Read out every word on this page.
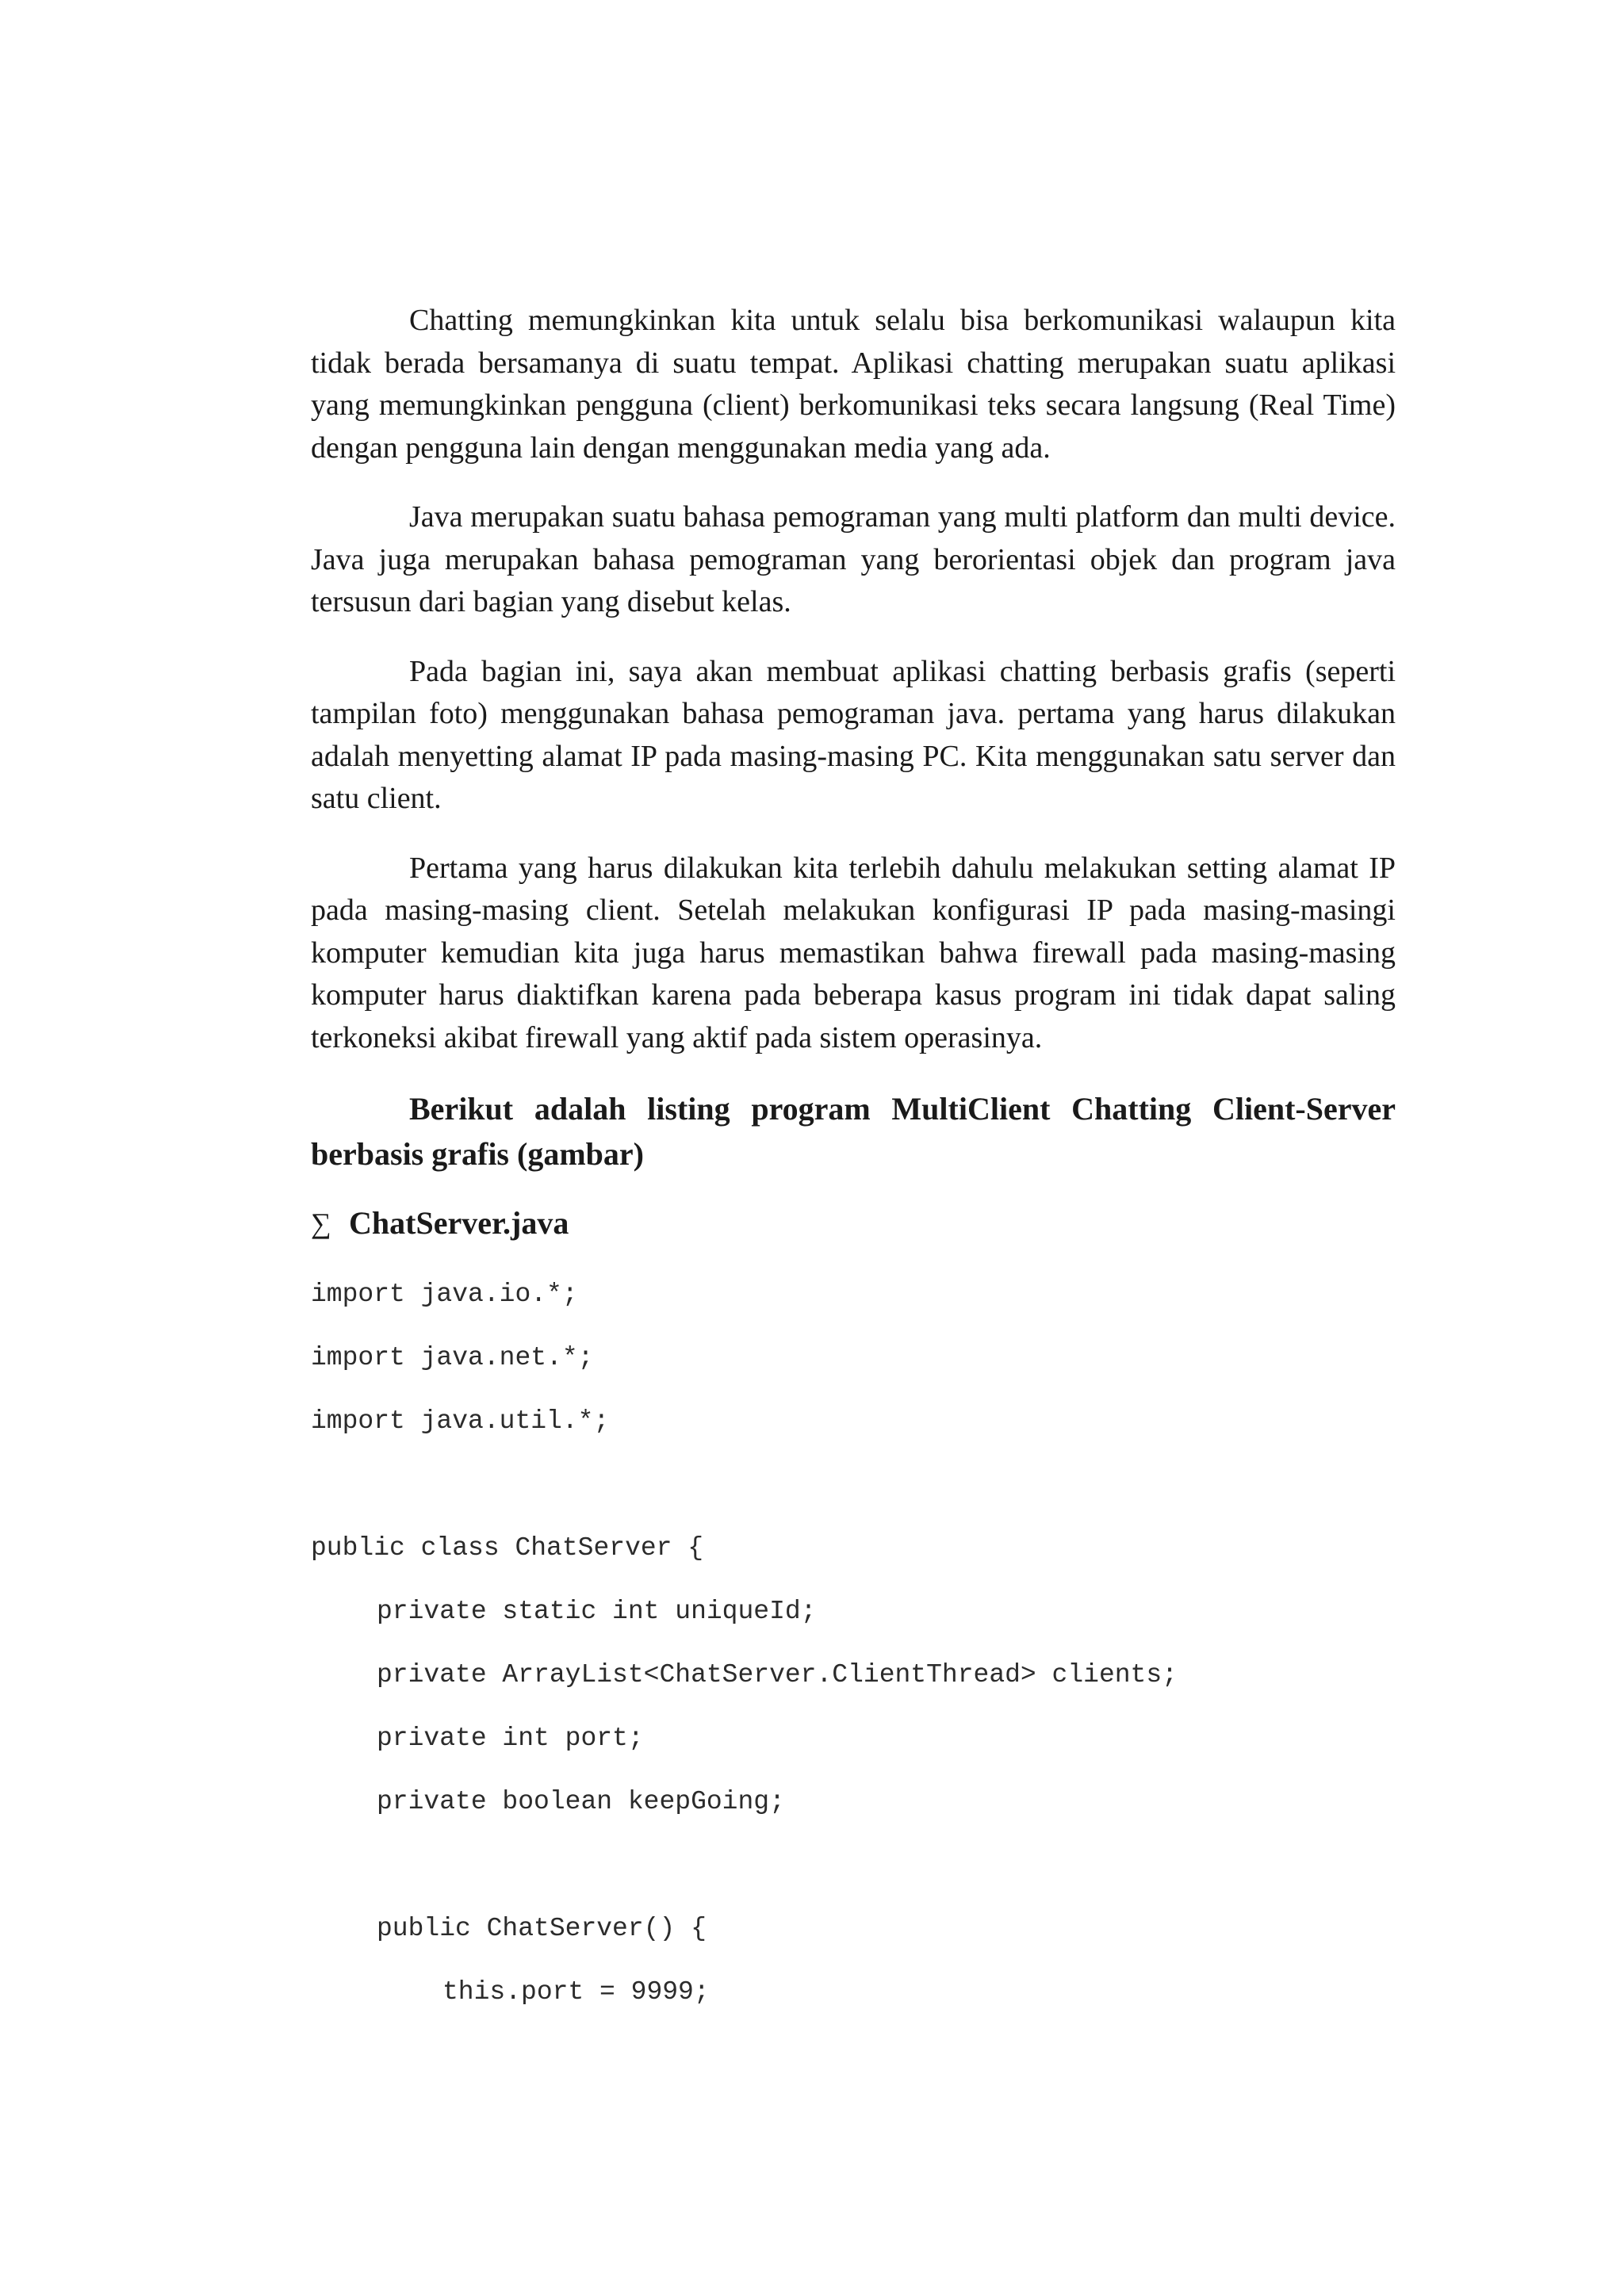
Chatting memungkinkan kita untuk selalu bisa berkomunikasi walaupun kita tidak berada bersamanya di suatu tempat. Aplikasi chatting merupakan suatu aplikasi yang memungkinkan pengguna (client) berkomunikasi teks secara langsung (Real Time) dengan pengguna lain dengan menggunakan media yang ada.

Java merupakan suatu bahasa pemograman yang multi platform dan multi device. Java juga merupakan bahasa pemograman yang berorientasi objek dan program java tersusun dari bagian yang disebut kelas.

Pada bagian ini, saya akan membuat aplikasi chatting berbasis grafis (seperti tampilan foto) menggunakan bahasa pemograman java. pertama yang harus dilakukan adalah menyetting alamat IP pada masing-masing PC. Kita menggunakan satu server dan satu client.

Pertama yang harus dilakukan kita terlebih dahulu melakukan setting alamat IP pada masing-masing client. Setelah melakukan konfigurasi IP pada masing-masingi komputer kemudian kita juga harus memastikan bahwa firewall pada masing-masing komputer harus diaktifkan karena pada beberapa kasus program ini tidak dapat saling terkoneksi akibat firewall yang aktif pada sistem operasinya.

Berikut adalah listing program MultiClient Chatting Client-Server berbasis grafis (gambar)

∑ ChatServer.java
import java.io.*;
import java.net.*;
import java.util.*;
public class ChatServer {
private static int uniqueId;
private ArrayList<ChatServer.ClientThread> clients;
private int port;
private boolean keepGoing;
public ChatServer() {
this.port = 9999;
